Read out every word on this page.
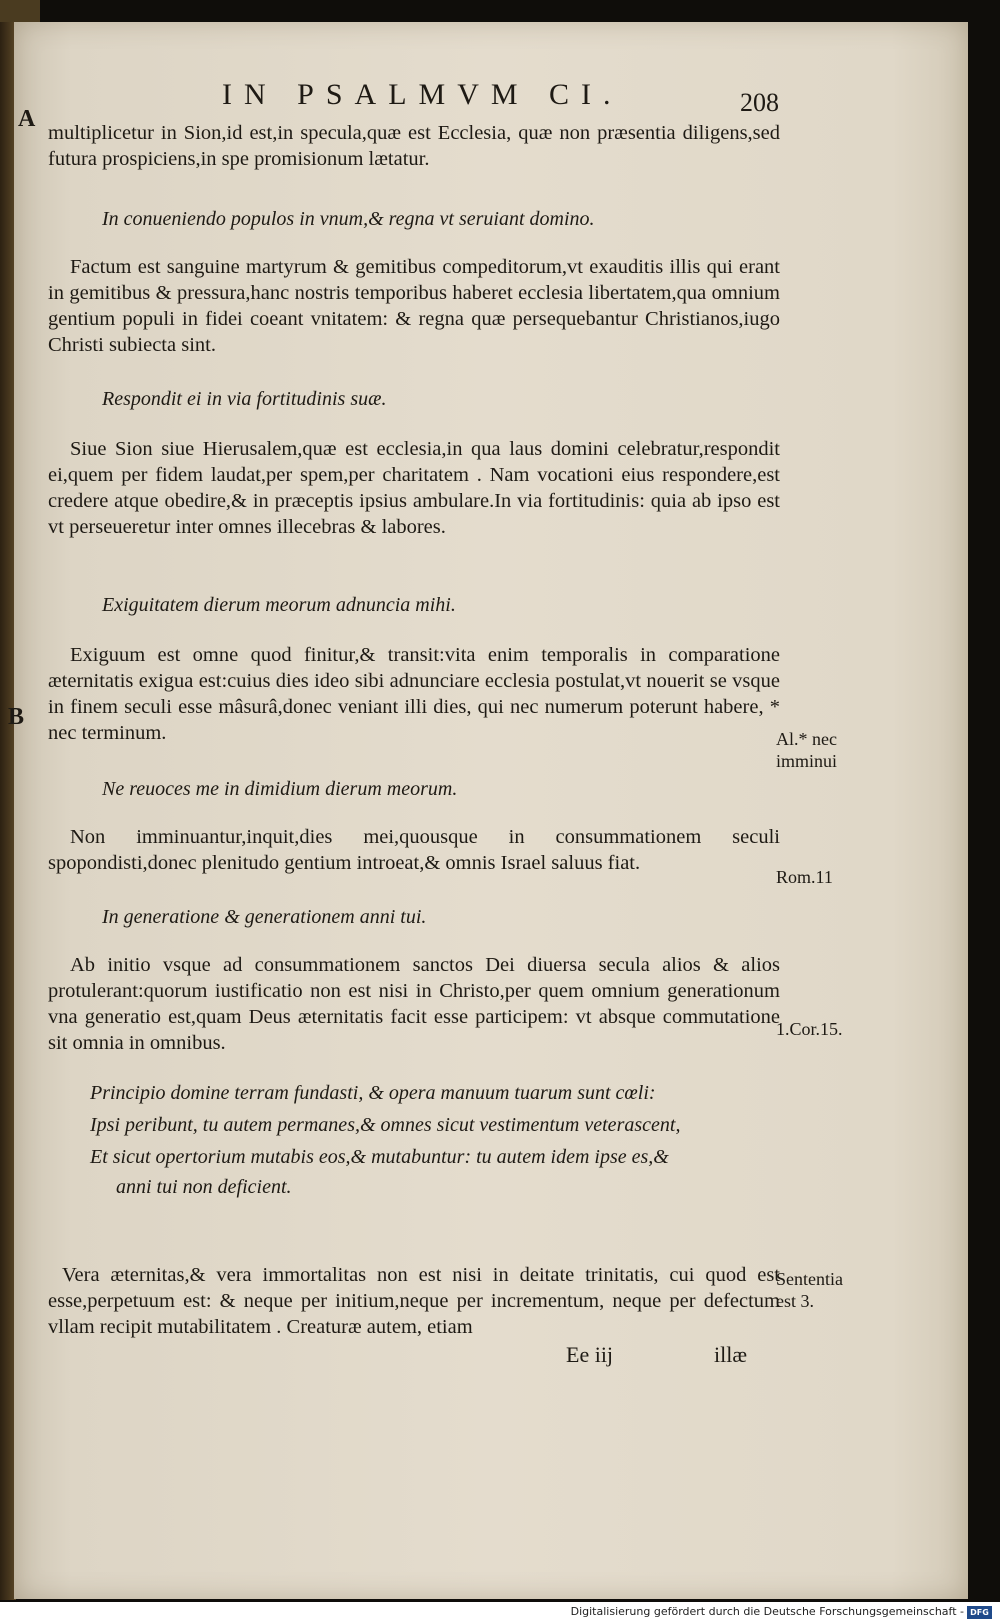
IN PSALMVM CI.	208
A
B

multiplicetur in Sion,id est,in specula,quæ est Ecclesia, quæ non præsentia diligens,sed futura prospiciens,in spe promisionum lætatur.

In conueniendo populos in vnum,& regna vt seruiant domino.

Factum est sanguine martyrum & gemitibus compeditorum,vt exauditis illis qui erant in gemitibus & pressura,hanc nostris temporibus haberet ecclesia libertatem,qua omnium gentium populi in fidei coeant vnitatem: & regna quæ persequebantur Christianos,iugo Christi subiecta sint.

Respondit ei in via fortitudinis suæ.

Siue Sion siue Hierusalem,quæ est ecclesia,in qua laus domini celebratur,respondit ei,quem per fidem laudat,per spem,per charitatem . Nam vocationi eius respondere,est credere atque obedire,& in præceptis ipsius ambulare.In via fortitudinis: quia ab ipso est vt perseueretur inter omnes illecebras & labores.

Exiguitatem dierum meorum adnuncia mihi.

Exiguum est omne quod finitur,& transit:vita enim temporalis in comparatione æternitatis exigua est:cuius dies ideo sibi adnunciare ecclesia postulat,vt nouerit se vsque in finem seculi esse mâsurâ,donec veniant illi dies, qui nec numerum poterunt habere, * nec terminum.

Ne reuoces me in dimidium dierum meorum.

Non imminuantur,inquit,dies mei,quousque in consummationem seculi spopondisti,donec plenitudo gentium introeat,& omnis Israel saluus fiat.

In generatione & generationem anni tui.

Ab initio vsque ad consummationem sanctos Dei diuersa secula alios & alios protulerant:quorum iustificatio non est nisi in Christo,per quem omnium generationum vna generatio est,quam Deus æternitatis facit esse participem: vt absque commutatione sit omnia in omnibus.

Principio domine terram fundasti, & opera manuum tuarum sunt cœli:
Ipsi peribunt, tu autem permanes,& omnes sicut vestimentum veterascent,
Et sicut opertorium mutabis eos,& mutabuntur: tu autem idem ipse es,& anni tui non deficient.

Vera æternitas,& vera immortalitas non est nisi in deitate trinitatis, cui quod est esse,perpetuum est: & neque per initium,neque per incrementum, neque per defectum vllam recipit mutabilitatem . Creaturæ autem, etiam

Al.* nec imminui
Rom.11
1.Cor.15.
Sententia est 3.
Ee iij	illæ
Digitalisierung gefördert durch die Deutsche Forschungsgemeinschaft - DFG
